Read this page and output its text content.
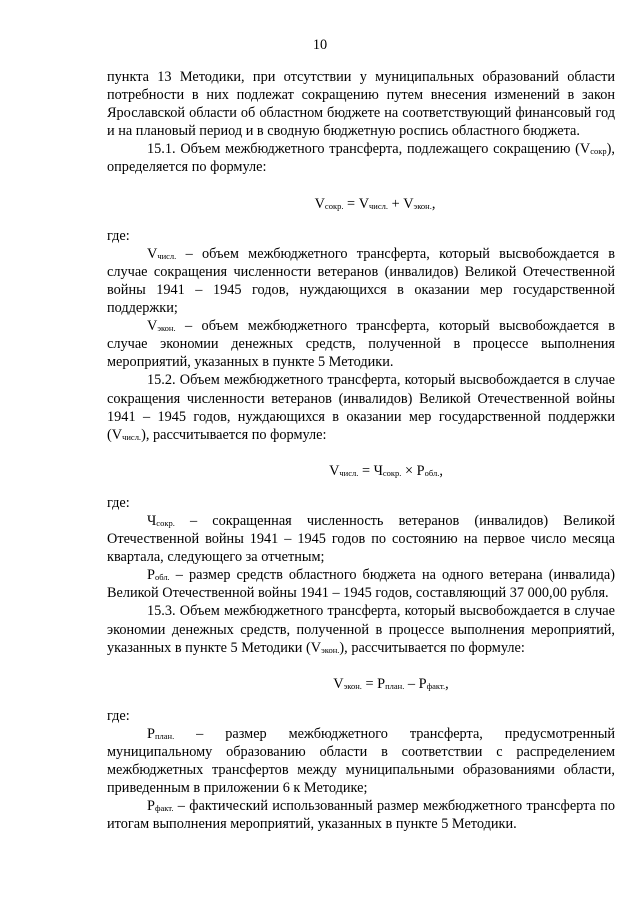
10

пункта 13 Методики, при отсутствии у муниципальных образований области потребности в них подлежат сокращению путем внесения изменений в закон Ярославской области об областном бюджете на соответствующий финансовый год и на плановый период и в сводную бюджетную роспись областного бюджета.

15.1. Объем межбюджетного трансферта, подлежащего сокращению $(V_{сокр})$, определяется по формуле:

$V_{сокр.} = V_{числ.} + V_{экон.}$,

где:

$V_{числ.}$ – объем межбюджетного трансферта, который высвобождается в случае сокращения численности ветеранов (инвалидов) Великой Отечественной войны 1941 – 1945 годов, нуждающихся в оказании мер государственной поддержки;

$V_{экон.}$ – объем межбюджетного трансферта, который высвобождается в случае экономии денежных средств, полученной в процессе выполнения мероприятий, указанных в пункте 5 Методики.

15.2. Объем межбюджетного трансферта, который высвобождается в случае сокращения численности ветеранов (инвалидов) Великой Отечественной войны 1941 – 1945 годов, нуждающихся в оказании мер государственной поддержки $(V_{числ.})$, рассчитывается по формуле:

$V_{числ.} = Ч_{сокр.} \times Р_{обл.}$,

где:

$Ч_{сокр.}$ – сокращенная численность ветеранов (инвалидов) Великой Отечественной войны 1941 – 1945 годов по состоянию на первое число месяца квартала, следующего за отчетным;

$Р_{обл.}$ – размер средств областного бюджета на одного ветерана (инвалида) Великой Отечественной войны 1941 – 1945 годов, составляющий 37 000,00 рубля.

15.3. Объем межбюджетного трансферта, который высвобождается в случае экономии денежных средств, полученной в процессе выполнения мероприятий, указанных в пункте 5 Методики $(V_{экон.})$, рассчитывается по формуле:

$V_{экон.} = Р_{план.} - Р_{факт.}$,

где:

$Р_{план.}$ – размер межбюджетного трансферта, предусмотренный муниципальному образованию области в соответствии с распределением межбюджетных трансфертов между муниципальными образованиями области, приведенным в приложении 6 к Методике;

$Р_{факт.}$ – фактический использованный размер межбюджетного трансферта по итогам выполнения мероприятий, указанных в пункте 5 Методики.
